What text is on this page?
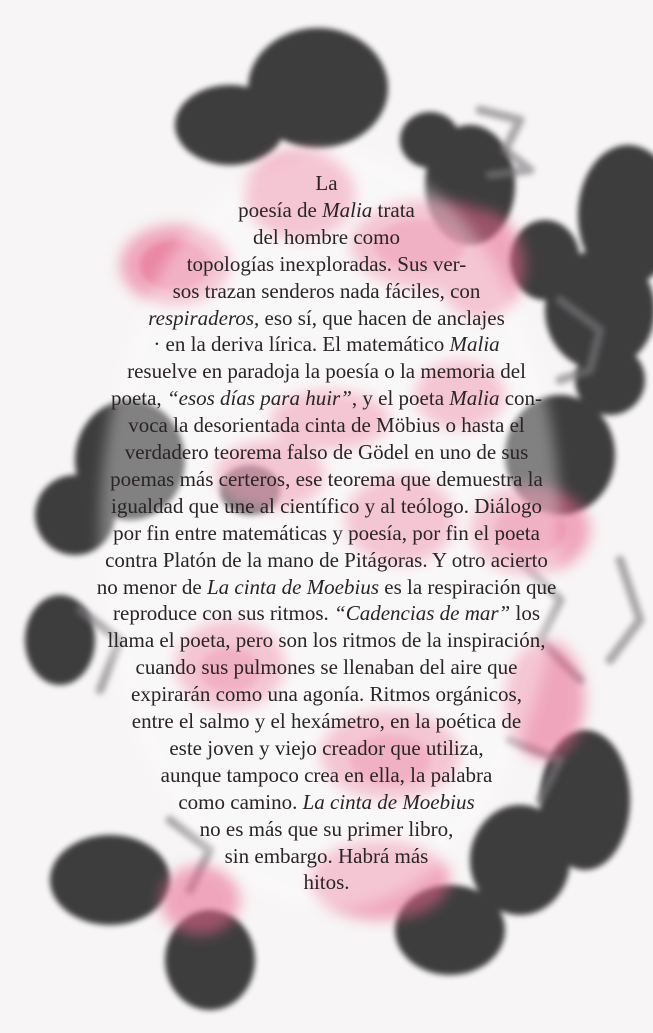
La
poesía de Malia trata
del hombre como
topologías inexploradas. Sus ver-
sos trazan senderos nada fáciles, con
respiraderos, eso sí, que hacen de anclajes
· en la deriva lírica. El matemático Malia
resuelve en paradoja la poesía o la memoria del
poeta, “esos días para huir”, y el poeta Malia con-
voca la desorientada cinta de Möbius o hasta el
verdadero teorema falso de Gödel en uno de sus
poemas más certeros, ese teorema que demuestra la
igualdad que une al científico y al teólogo. Diálogo
por fin entre matemáticas y poesía, por fin el poeta
contra Platón de la mano de Pitágoras. Y otro acierto
no menor de La cinta de Moebius es la respiración que
reproduce con sus ritmos. “Cadencias de mar” los
llama el poeta, pero son los ritmos de la inspiración,
cuando sus pulmones se llenaban del aire que
expirarán como una agonía. Ritmos orgánicos,
entre el salmo y el hexámetro, en la poética de
este joven y viejo creador que utiliza,
aunque tampoco crea en ella, la palabra
como camino. La cinta de Moebius
no es más que su primer libro,
sin embargo. Habrá más
hitos.
